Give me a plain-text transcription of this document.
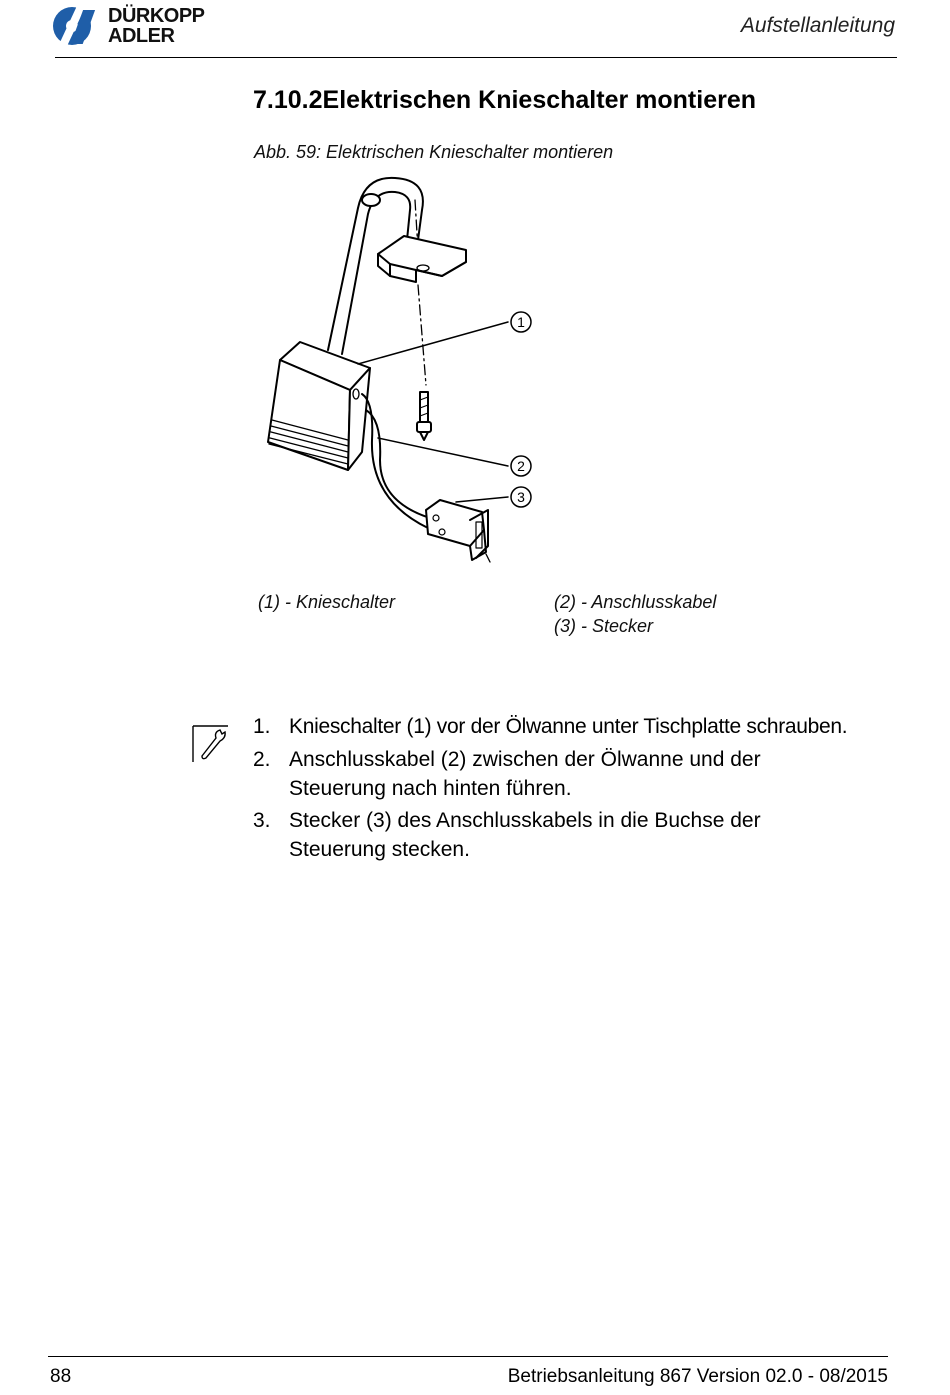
DÜRKOPP
ADLER	Aufstellanleitung
7.10.2Elektrischen Knieschalter montieren
Abb. 59: Elektrischen Knieschalter montieren
1
2
3
(1) - Knieschalter	(2) - Anschlusskabel
(3) - Stecker
1. Knieschalter (1) vor der Ölwanne unter Tischplatte schrauben.
2. Anschlusskabel (2) zwischen der Ölwanne und der Steuerung nach hinten führen.
3. Stecker (3) des Anschlusskabels in die Buchse der Steuerung stecken.
88	Betriebsanleitung 867 Version 02.0 - 08/2015
